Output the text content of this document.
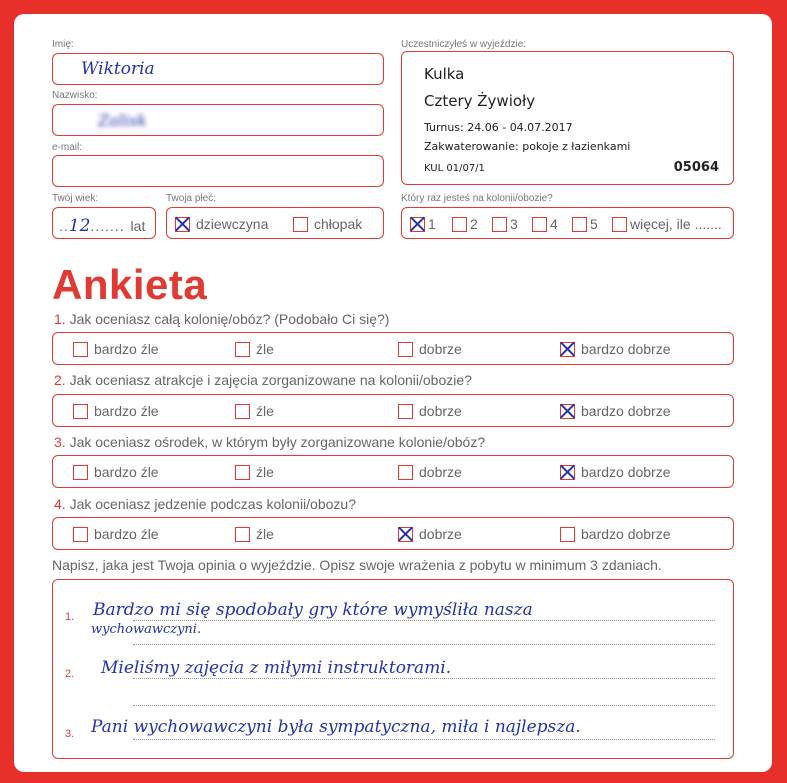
Imię:
Wiktoria
Nazwisko:
Zalisk
e-mail:
Twój wiek:
..12....... lat
Twoja płeć:
dziewczyna	chłopak
Uczestniczyłeś w wyjeździe:
Kulka
Cztery Żywioły
Turnus: 24.06 - 04.07.2017
Zakwaterowanie: pokoje z łazienkami
KUL 01/07/1	05064
Który raz jesteś na kolonii/obozie?
1	2	3	4	5	więcej, ile .......
Ankieta
1. Jak oceniasz całą kolonię/obóz? (Podobało Ci się?)
bardzo źle	źle	dobrze	bardzo dobrze
2. Jak oceniasz atrakcje i zajęcia zorganizowane na kolonii/obozie?
bardzo źle	źle	dobrze	bardzo dobrze
3. Jak oceniasz ośrodek, w którym były zorganizowane kolonie/obóz?
bardzo źle	źle	dobrze	bardzo dobrze
4. Jak oceniasz jedzenie podczas kolonii/obozu?
bardzo źle	źle	dobrze	bardzo dobrze
Napisz, jaka jest Twoja opinia o wyjeździe. Opisz swoje wrażenia z pobytu w minimum 3 zdaniach.
1.
2.
3.
Bardzo mi się spodobały gry które wymyśliła nasza
wychowawczyni.
Mieliśmy zajęcia z miłymi instruktorami.
Pani wychowawczyni była sympatyczna, miła i najlepsza.
